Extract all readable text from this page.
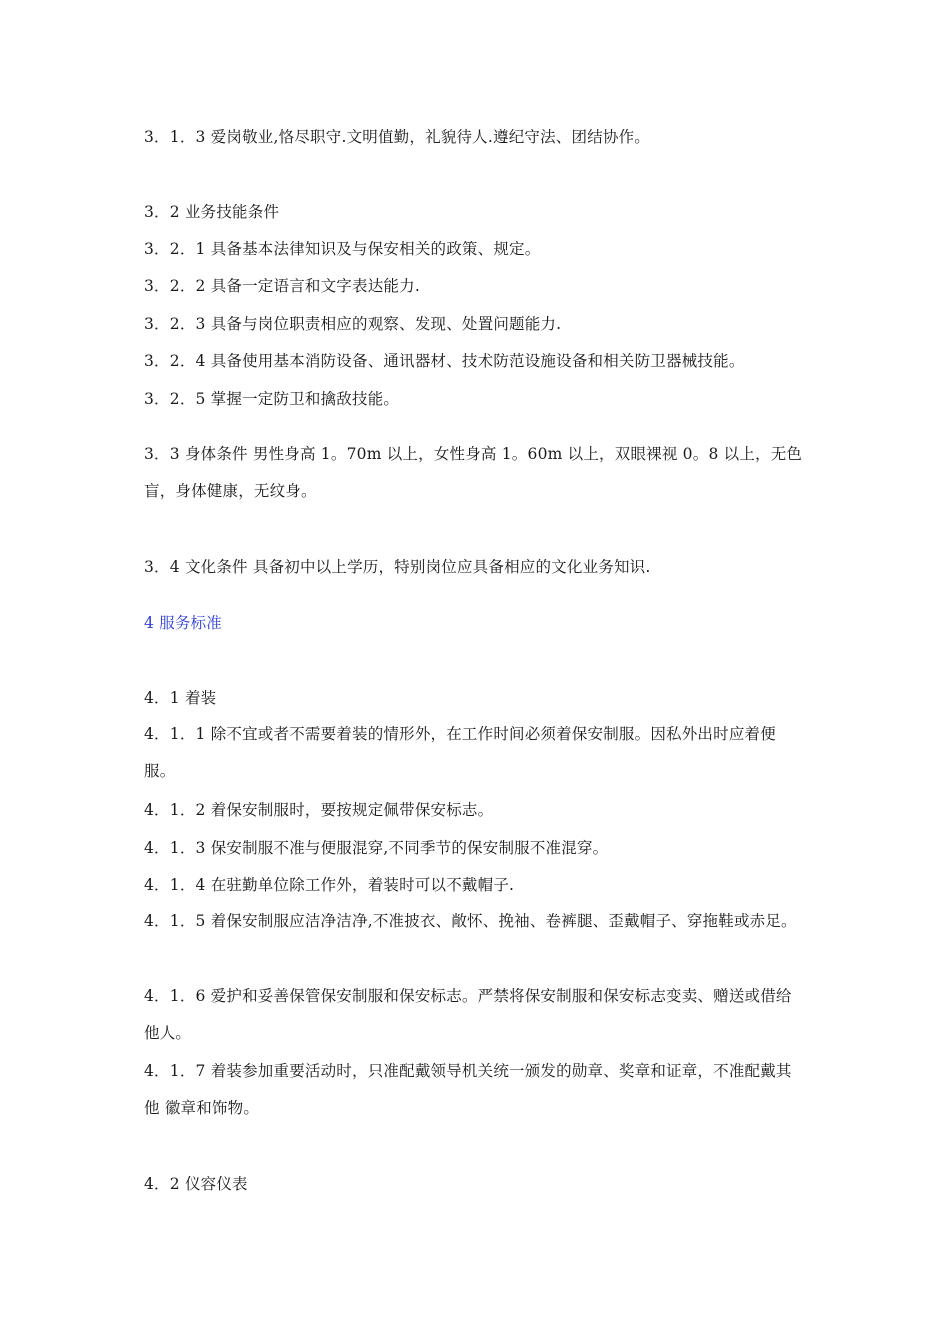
3．1．3 爱岗敬业,恪尽职守.文明值勤，礼貌待人.遵纪守法、团结协作。
3．2 业务技能条件
3．2．1 具备基本法律知识及与保安相关的政策、规定。
3．2．2 具备一定语言和文字表达能力.
3．2．3 具备与岗位职责相应的观察、发现、处置问题能力.
3．2．4 具备使用基本消防设备、通讯器材、技术防范设施设备和相关防卫器械技能。
3．2．5 掌握一定防卫和擒敌技能。
3．3 身体条件 男性身高 1。70m 以上，女性身高 1。60m 以上，双眼裸视 0。8 以上，无色盲，身体健康，无纹身。
3．4 文化条件 具备初中以上学历，特别岗位应具备相应的文化业务知识.
4 服务标准
4．1 着装
4．1．1 除不宜或者不需要着装的情形外，在工作时间必须着保安制服。因私外出时应着便服。
4．1．2 着保安制服时，要按规定佩带保安标志。
4．1．3 保安制服不准与便服混穿,不同季节的保安制服不准混穿。
4．1．4 在驻勤单位除工作外，着装时可以不戴帽子.
4．1．5 着保安制服应洁净洁净,不准披衣、敞怀、挽袖、卷裤腿、歪戴帽子、穿拖鞋或赤足。
4．1．6 爱护和妥善保管保安制服和保安标志。严禁将保安制服和保安标志变卖、赠送或借给 他人。
4．1．7 着装参加重要活动时，只准配戴领导机关统一颁发的勋章、奖章和证章，不准配戴其他 徽章和饰物。
4．2 仪容仪表
